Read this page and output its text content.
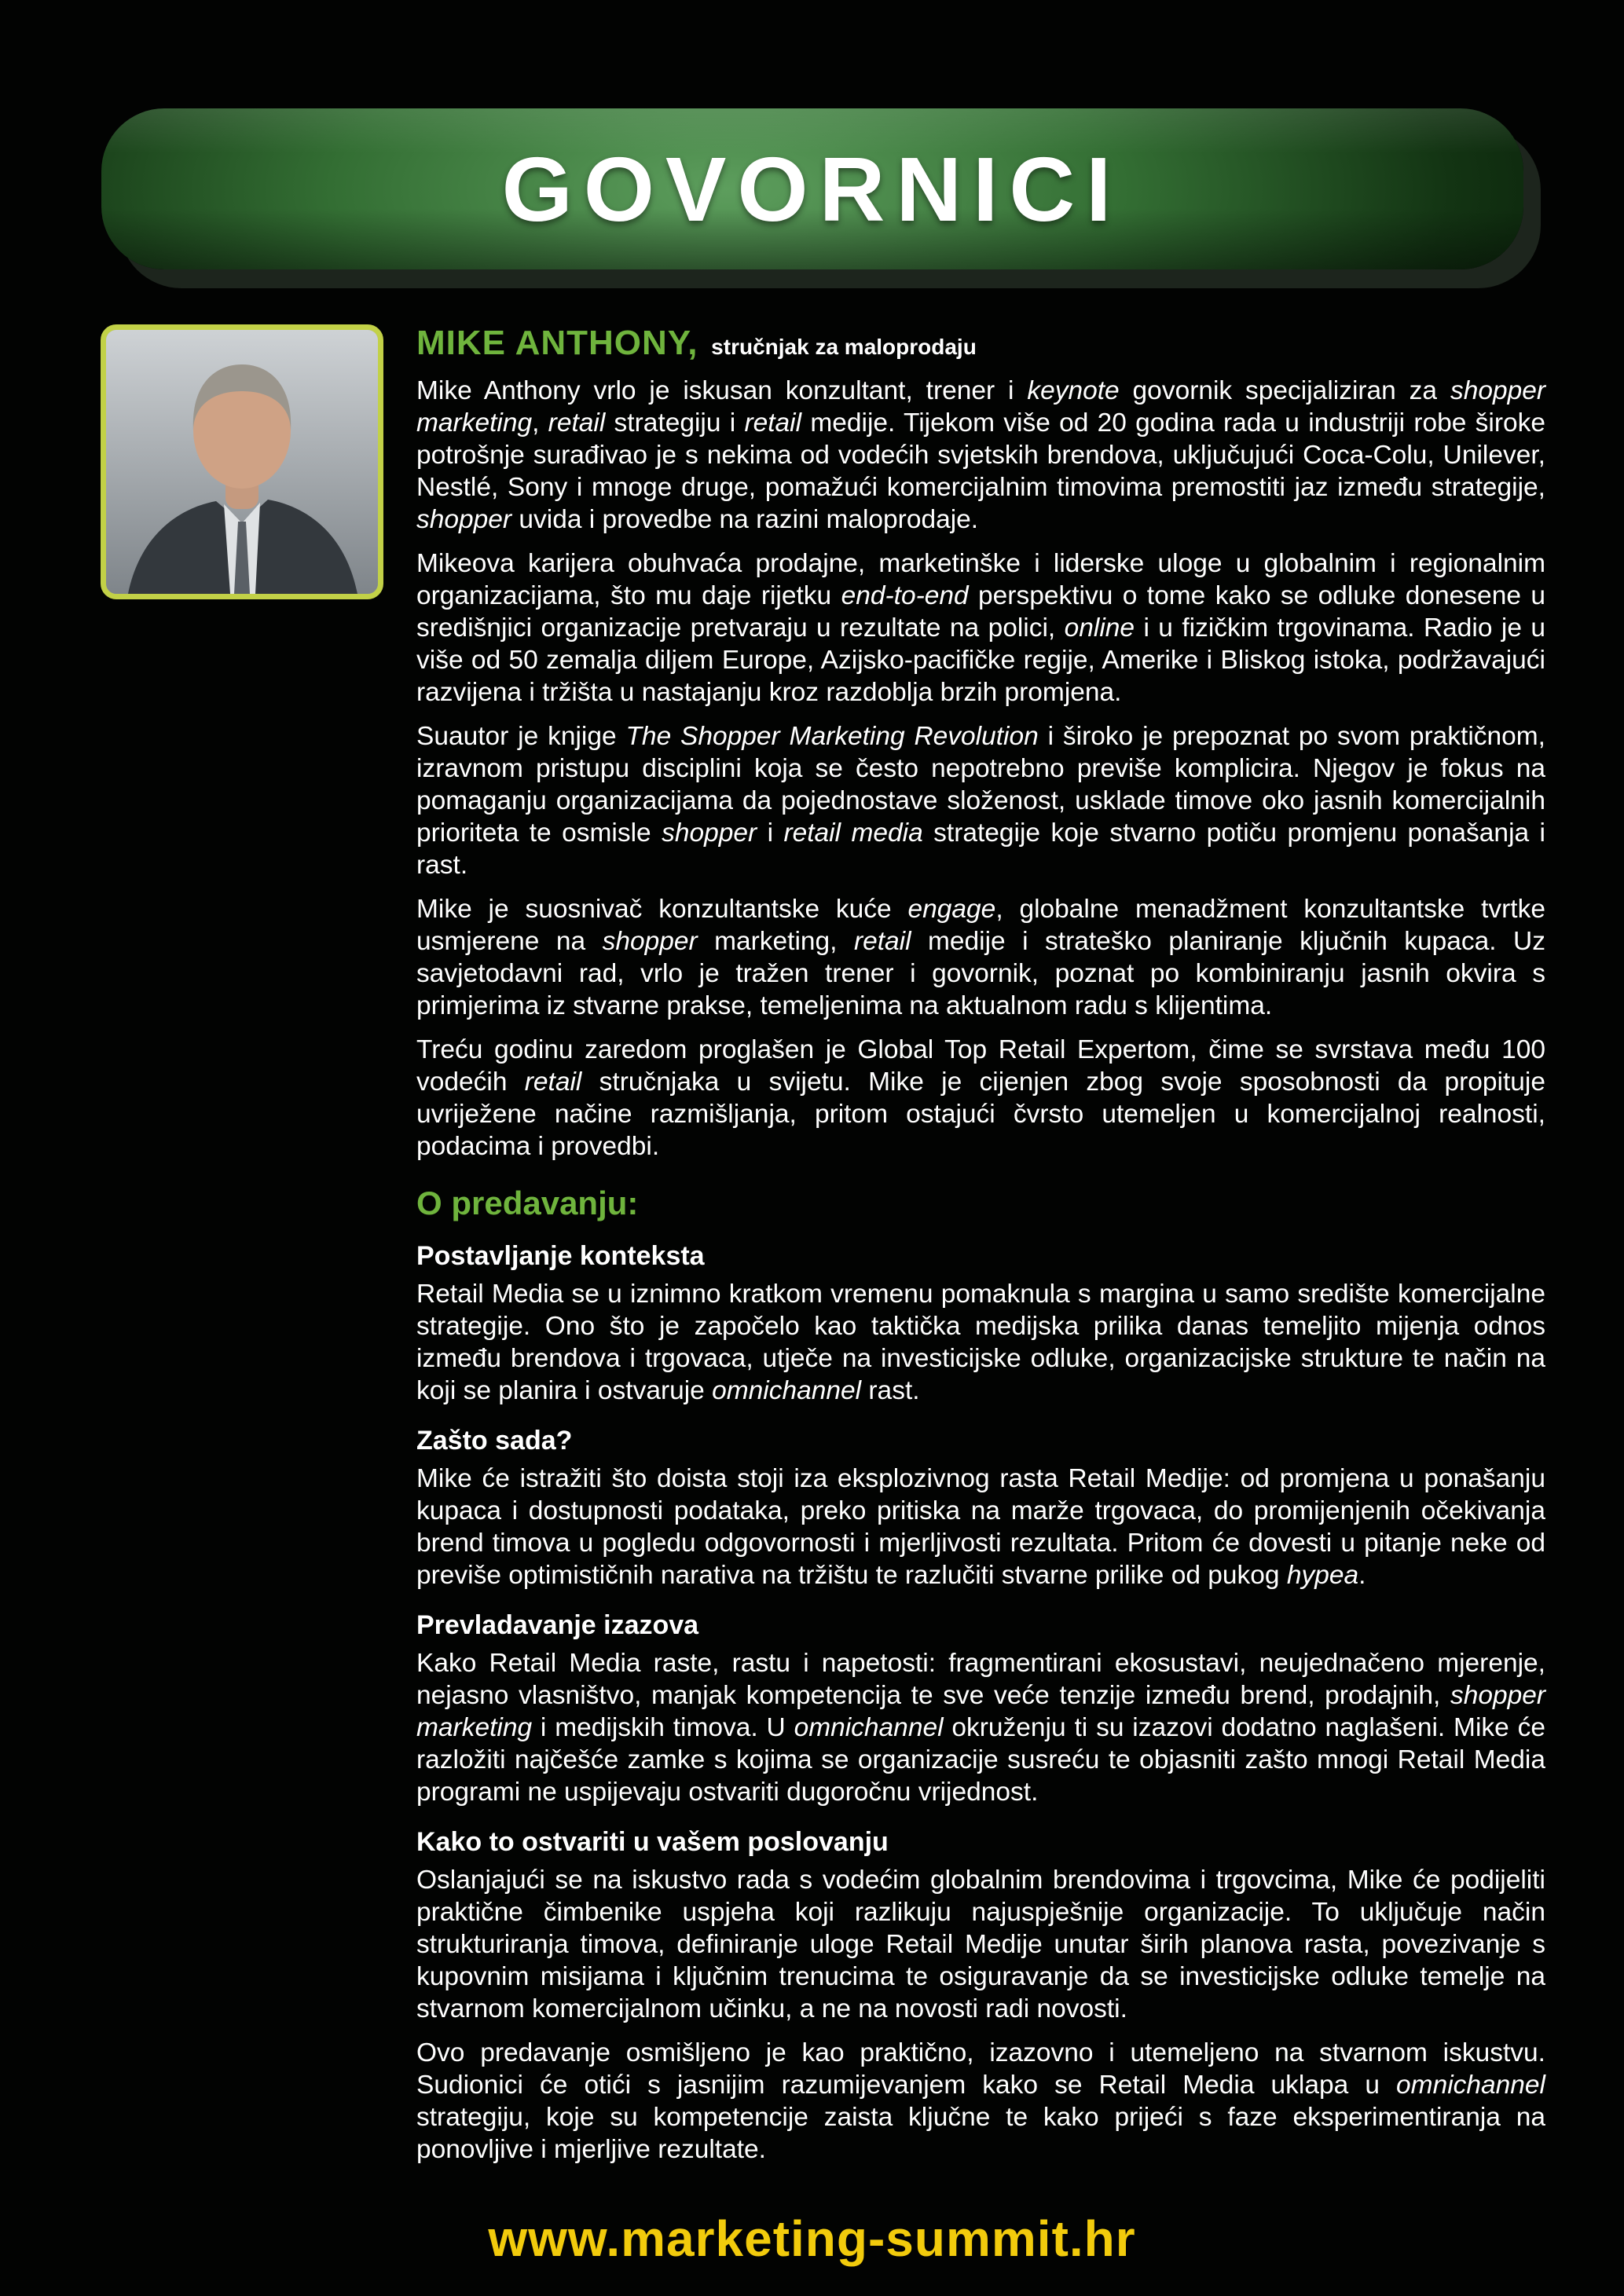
GOVORNICI
MIKE ANTHONY, stručnjak za maloprodaju

Mike Anthony vrlo je iskusan konzultant, trener i keynote govornik specijaliziran za shopper marketing, retail strategiju i retail medije. Tijekom više od 20 godina rada u industriji robe široke potrošnje surađivao je s nekima od vodećih svjetskih brendova, uključujući Coca-Colu, Unilever, Nestlé, Sony i mnoge druge, pomažući komercijalnim timovima premostiti jaz između strategije, shopper uvida i provedbe na razini maloprodaje.

Mikeova karijera obuhvaća prodajne, marketinške i liderske uloge u globalnim i regionalnim organizacijama, što mu daje rijetku end-to-end perspektivu o tome kako se odluke donesene u središnjici organizacije pretvaraju u rezultate na polici, online i u fizičkim trgovinama. Radio je u više od 50 zemalja diljem Europe, Azijsko-pacifičke regije, Amerike i Bliskog istoka, podržavajući razvijena i tržišta u nastajanju kroz razdoblja brzih promjena.

Suautor je knjige The Shopper Marketing Revolution i široko je prepoznat po svom praktičnom, izravnom pristupu disciplini koja se često nepotrebno previše komplicira. Njegov je fokus na pomaganju organizacijama da pojednostave složenost, usklade timove oko jasnih komercijalnih prioriteta te osmisle shopper i retail media strategije koje stvarno potiču promjenu ponašanja i rast.

Mike je suosnivač konzultantske kuće engage, globalne menadžment konzultantske tvrtke usmjerene na shopper marketing, retail medije i strateško planiranje ključnih kupaca. Uz savjetodavni rad, vrlo je tražen trener i govornik, poznat po kombiniranju jasnih okvira s primjerima iz stvarne prakse, temeljenima na aktualnom radu s klijentima.

Treću godinu zaredom proglašen je Global Top Retail Expertom, čime se svrstava među 100 vodećih retail stručnjaka u svijetu. Mike je cijenjen zbog svoje sposobnosti da propituje uvriježene načine razmišljanja, pritom ostajući čvrsto utemeljen u komercijalnoj realnosti, podacima i provedbi.

O predavanju:
Postavljanje konteksta

Retail Media se u iznimno kratkom vremenu pomaknula s margina u samo središte komercijalne strategije. Ono što je započelo kao taktička medijska prilika danas temeljito mijenja odnos između brendova i trgovaca, utječe na investicijske odluke, organizacijske strukture te način na koji se planira i ostvaruje omnichannel rast.

Zašto sada?

Mike će istražiti što doista stoji iza eksplozivnog rasta Retail Medije: od promjena u ponašanju kupaca i dostupnosti podataka, preko pritiska na marže trgovaca, do promijenjenih očekivanja brend timova u pogledu odgovornosti i mjerljivosti rezultata. Pritom će dovesti u pitanje neke od previše optimističnih narativa na tržištu te razlučiti stvarne prilike od pukog hypea.

Prevladavanje izazova

Kako Retail Media raste, rastu i napetosti: fragmentirani ekosustavi, neujednačeno mjerenje, nejasno vlasništvo, manjak kompetencija te sve veće tenzije između brend, prodajnih, shopper marketing i medijskih timova. U omnichannel okruženju ti su izazovi dodatno naglašeni. Mike će razložiti najčešće zamke s kojima se organizacije susreću te objasniti zašto mnogi Retail Media programi ne uspijevaju ostvariti dugoročnu vrijednost.

Kako to ostvariti u vašem poslovanju

Oslanjajući se na iskustvo rada s vodećim globalnim brendovima i trgovcima, Mike će podijeliti praktične čimbenike uspjeha koji razlikuju najuspješnije organizacije. To uključuje način strukturiranja timova, definiranje uloge Retail Medije unutar širih planova rasta, povezivanje s kupovnim misijama i ključnim trenucima te osiguravanje da se investicijske odluke temelje na stvarnom komercijalnom učinku, a ne na novosti radi novosti.

Ovo predavanje osmišljeno je kao praktično, izazovno i utemeljeno na stvarnom iskustvu. Sudionici će otići s jasnijim razumijevanjem kako se Retail Media uklapa u omnichannel strategiju, koje su kompetencije zaista ključne te kako prijeći s faze eksperimentiranja na ponovljive i mjerljive rezultate.

www.marketing-summit.hr
